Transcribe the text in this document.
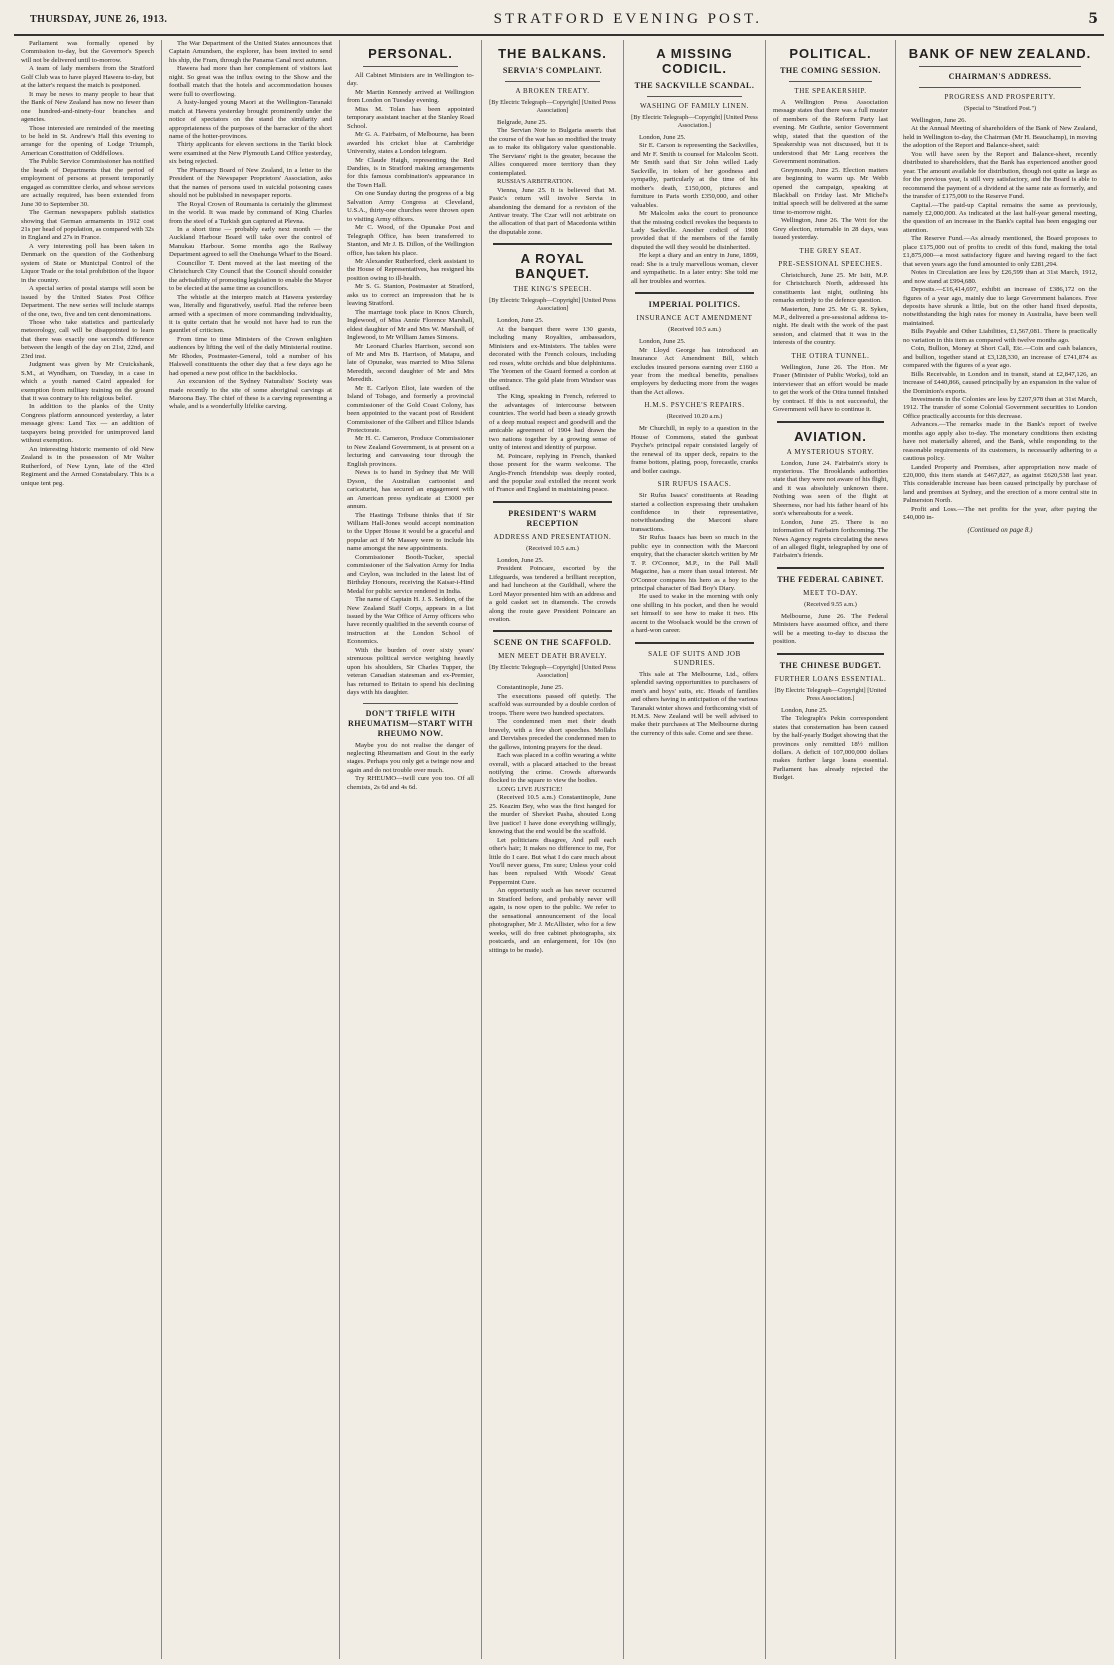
THURSDAY, JUNE 26, 1913.	STRATFORD EVENING POST.	5

Parliament was formally opened by Commission to-day, but the Governor's Speech will not be delivered until to-morrow.

A team of lady members from the Stratford Golf Club was to have played Hawera to-day, but at the latter's request the match is postponed.

It may be news to many people to hear that the Bank of New Zealand has now no fewer than one hundred-and-ninety-four branches and agencies.

Those interested are reminded of the meeting to be held in St. Andrew's Hall this evening to arrange for the opening of Lodge Triumph, American Constitution of Oddfellows.

The Public Service Commissioner has notified the heads of Departments that the period of employment of persons at present temporarily engaged as committee clerks, and whose services are actually required, has been extended from June 30 to September 30.

The German newspapers publish statistics showing that German armaments in 1912 cost 21s per head of population, as compared with 32s in England and 27s in France.

A very interesting poll has been taken in Denmark on the question of the Gothenburg system of State or Municipal Control of the Liquor Trade or the total prohibition of the liquor in the country.

A special series of postal stamps will soon be issued by the United States Post Office Department. The new series will include stamps of the one, two, five and ten cent denominations.

Those who take statistics and particularly meteorology, call will be disappointed to learn that there was exactly one second's difference between the length of the day on 21st, 22nd, and 23rd inst.

Judgment was given by Mr Cruickshank, S.M., at Wyndham, on Tuesday, in a case in which a youth named Caird appealed for exemption from military training on the ground that it was contrary to his religious belief.

In addition to the planks of the Unity Congress platform announced yesterday, a later message gives: Land Tax — an addition of taxpayers being provided for unimproved land without exemption.

An interesting historic memento of old New Zealand is in the possession of Mr Walter Rutherford, of New Lynn, late of the 43rd Regiment and the Armed Constabulary. This is a unique tent peg.

The War Department of the United States announces that Captain Amundsen, the explorer, has been invited to send his ship, the Fram, through the Panama Canal next autumn.

Hawera had more than her complement of visitors last night. So great was the influx owing to the Show and the football match that the hotels and accommodation houses were full to overflowing.

A lusty-lunged young Maori at the Wellington-Taranaki match at Hawera yesterday brought prominently under the notice of spectators on the stand the similarity and appropriateness of the purposes of the barracker of the short name of the hotter-provinces.

Thirty applicants for eleven sections in the Tariki block were examined at the New Plymouth Land Office yesterday, six being rejected.

The Pharmacy Board of New Zealand, in a letter to the President of the Newspaper Proprietors' Association, asks that the names of persons used in suicidal poisoning cases should not be published in newspaper reports.

The Royal Crown of Roumania is certainly the glimmest in the world. It was made by command of King Charles from the steel of a Turkish gun captured at Plevna.

In a short time — probably early next month — the Auckland Harbour Board will take over the control of Manukau Harbour. Some months ago the Railway Department agreed to sell the Onehunga Wharf to the Board.

Councillor T. Dent moved at the last meeting of the Christchurch City Council that the Council should consider the advisability of promoting legislation to enable the Mayor to be elected at the same time as councillors.

The whistle at the interpro match at Hawera yesterday was, literally and figuratively, useful. Had the referee been armed with a specimen of more commanding individuality, it is quite certain that he would not have had to run the gauntlet of criticism.

From time to time Ministers of the Crown enlighten audiences by lifting the veil of the daily Ministerial routine. Mr Rhodes, Postmaster-General, told a number of his Halswell constituents the other day that a few days ago he had opened a new post office in the backblocks.

An excursion of the Sydney Naturalists' Society was made recently to the site of some aboriginal carvings at Maroona Bay. The chief of these is a carving representing a whale, and is a wonderfully lifelike carving.

PERSONAL.

All Cabinet Ministers are in Wellington to-day.

Mr Martin Kennedy arrived at Wellington from London on Tuesday evening.

Miss M. Tolan has been appointed temporary assistant teacher at the Stanley Road School.

Mr G. A. Fairbairn, of Melbourne, has been awarded his cricket blue at Cambridge University, states a London telegram.

Mr Claude Haigh, representing the Red Dandies, is in Stratford making arrangements for this famous combination's appearance in the Town Hall.

On one Sunday during the progress of a big Salvation Army Congress at Cleveland, U.S.A., thirty-one churches were thrown open to visiting Army officers.

Mr C. Wood, of the Opunake Post and Telegraph Office, has been transferred to Stanton, and Mr J. B. Dillon, of the Wellington office, has taken his place.

Mr Alexander Rutherford, clerk assistant to the House of Representatives, has resigned his position owing to ill-health.

Mr S. G. Stanton, Postmaster at Stratford, asks us to correct an impression that he is leaving Stratford.

The marriage took place in Knox Church, Inglewood, of Miss Annie Florence Marshall, eldest daughter of Mr and Mrs W. Marshall, of Inglewood, to Mr William James Simons.

Mr Leonard Charles Harrison, second son of Mr and Mrs B. Harrison, of Matapu, and late of Opunake, was married to Miss Silena Meredith, second daughter of Mr and Mrs Meredith.

Mr E. Carlyon Eliot, late warden of the Island of Tobago, and formerly a provincial commissioner of the Gold Coast Colony, has been appointed to the vacant post of Resident Commissioner of the Gilbert and Ellice Islands Protectorate.

Mr H. C. Cameron, Produce Commissioner to New Zealand Government, is at present on a lecturing and canvassing tour through the English provinces.

News is to hand in Sydney that Mr Will Dyson, the Australian cartoonist and caricaturist, has secured an engagement with an American press syndicate at £3000 per annum.

The Hastings Tribune thinks that if Sir William Hall-Jones would accept nomination to the Upper House it would be a graceful and popular act if Mr Massey were to include his name amongst the new appointments.

Commissioner Booth-Tucker, special commissioner of the Salvation Army for India and Ceylon, was included in the latest list of Birthday Honours, receiving the Kaisar-i-Hind Medal for public service rendered in India.

The name of Captain H. J. S. Seddon, of the New Zealand Staff Corps, appears in a list issued by the War Office of Army officers who have recently qualified in the seventh course of instruction at the London School of Economics.

With the burden of over sixty years' strenuous political service weighing heavily upon his shoulders, Sir Charles Tupper, the veteran Canadian statesman and ex-Premier, has returned to Britain to spend his declining days with his daughter.

DON'T TRIFLE WITH RHEUMATISM—START WITH RHEUMO NOW.

Maybe you do not realise the danger of neglecting Rheumatism and Gout in the early stages. Perhaps you only get a twinge now and again and do not trouble over much.

Try RHEUMO—twill cure you too. Of all chemists, 2s 6d and 4s 6d.

THE BALKANS.
SERVIA'S COMPLAINT.
A BROKEN TREATY.
[By Electric Telegraph—Copyright] [United Press Association]

Belgrade, June 25.

The Servian Note to Bulgaria asserts that the course of the war has so modified the treaty as to make its obligatory value questionable. The Servians' right is the greater, because the Allies conquered more territory than they contemplated.

RUSSIA'S ARBITRATION.

Vienna, June 25. It is believed that M. Pasic's return will involve Servia in abandoning the demand for a revision of the Antivar treaty. The Czar will not arbitrate on the allocation of that part of Macedonia within the disputable zone.

A ROYAL BANQUET.
THE KING'S SPEECH.
[By Electric Telegraph—Copyright] [United Press Association]

London, June 25.

At the banquet there were 130 guests, including many Royalties, ambassadors, Ministers and ex-Ministers. The tables were decorated with the French colours, including red roses, white orchids and blue delphiniums. The Yeomen of the Guard formed a cordon at the entrance. The gold plate from Windsor was utilised.

The King, speaking in French, referred to the advantages of intercourse between countries. The world had been a steady growth of a deep mutual respect and goodwill and the amicable agreement of 1904 had drawn the two nations together by a growing sense of unity of interest and identity of purpose.

M. Poincare, replying in French, thanked those present for the warm welcome. The Anglo-French friendship was deeply rooted, and the popular zeal extolled the recent work of France and England in maintaining peace.

PRESIDENT'S WARM RECEPTION
ADDRESS AND PRESENTATION.
(Received 10.5 a.m.)

London, June 25.

President Poincare, escorted by the Lifeguards, was tendered a brilliant reception, and had luncheon at the Guildhall, where the Lord Mayor presented him with an address and a gold casket set in diamonds. The crowds along the route gave President Poincare an ovation.

SCENE ON THE SCAFFOLD.
MEN MEET DEATH BRAVELY.
[By Electric Telegraph—Copyright] [United Press Association]

Constantinople, June 25.

The executions passed off quietly. The scaffold was surrounded by a double cordon of troops. There were two hundred spectators.

The condemned men met their death bravely, with a few short speeches. Mollahs and Dervishes preceded the condemned men to the gallows, intoning prayers for the dead.

Each was placed in a coffin wearing a white overall, with a placard attached to the breast notifying the crime. Crowds afterwards flocked to the square to view the bodies.

LONG LIVE JUSTICE!

(Received 10.5 a.m.) Constantinople, June 25. Keazim Bey, who was the first hanged for the murder of Shevket Pasha, shouted Long live justice! I have done everything willingly, knowing that the end would be the scaffold.

Let politicians disagree, And pull each other's hair; It makes no difference to me, For little do I care. But what I do care much about You'll never guess, I'm sure; Unless your cold has been repulsed With Woods' Great Peppermint Cure.

An opportunity such as has never occurred in Stratford before, and probably never will again, is now open to the public. We refer to the sensational announcement of the local photographer, Mr J. McAllister, who for a few weeks, will do free cabinet photographs, six postcards, and an enlargement, for 10s (no sittings to be made).

A MISSING CODICIL.
THE SACKVILLE SCANDAL.
WASHING OF FAMILY LINEN.
[By Electric Telegraph—Copyright] [United Press Association.]

London, June 25.

Sir E. Carson is representing the Sackvilles, and Mr F. Smith is counsel for Malcolm Scott. Mr Smith said that Sir John willed Lady Sackville, in token of her goodness and sympathy, particularly at the time of his mother's death, £150,000, pictures and furniture in Paris worth £350,000, and other valuables.

Mr Malcolm asks the court to pronounce that the missing codicil revokes the bequests to Lady Sackville. Another codicil of 1908 provided that if the members of the family disputed the will they would be disinherited.

He kept a diary and an entry in June, 1899, read: She is a truly marvellous woman, clever and sympathetic. In a later entry: She told me all her troubles and worries.

IMPERIAL POLITICS.
INSURANCE ACT AMENDMENT
(Received 10.5 a.m.)

London, June 25.

Mr Lloyd George has introduced an Insurance Act Amendment Bill, which excludes insured persons earning over £160 a year from the medical benefits, penalises employers by deducting more from the wages than the Act allows.

H.M.S. PSYCHE'S REPAIRS.
(Received 10.20 a.m.)

Mr Churchill, in reply to a question in the House of Commons, stated the gunboat Psyche's principal repair consisted largely of the renewal of its upper deck, repairs to the frame bottom, plating, poop, forecastle, cranks and boiler casings.

SIR RUFUS ISAACS.

Sir Rufus Isaacs' constituents at Reading started a collection expressing their unshaken confidence in their representative, notwithstanding the Marconi share transactions.

Sir Rufus Isaacs has been so much in the public eye in connection with the Marconi enquiry, that the character sketch written by Mr T. P. O'Connor, M.P., in the Pall Mall Magazine, has a more than usual interest. Mr O'Connor compares his hero as a boy to the principal character of Bad Boy's Diary.

He used to wake in the morning with only one shilling in his pocket, and then he would set himself to see how to make it two. His ascent to the Woolsack would be the crown of a hard-won career.

SALE OF SUITS AND JOB SUNDRIES.

This sale at The Melbourne, Ltd., offers splendid saving opportunities to purchasers of men's and boys' suits, etc. Heads of families and others having in anticipation of the various Taranaki winter shows and forthcoming visit of H.M.S. New Zealand will be well advised to make their purchases at The Melbourne during the currency of this sale. Come and see these.

POLITICAL.
THE COMING SESSION.
THE SPEAKERSHIP.

A Wellington Press Association message states that there was a full muster of members of the Reform Party last evening. Mr Guthrie, senior Government whip, stated that the question of the Speakership was not discussed, but it is understood that Mr Lang receives the Government nomination.

Greymouth, June 25. Election matters are beginning to warm up. Mr Webb opened the campaign, speaking at Blackball on Friday last. Mr Michel's initial speech will be delivered at the same time to-morrow night.

Wellington, June 26. The Writ for the Grey election, returnable in 28 days, was issued yesterday.

THE GREY SEAT.
PRE-SESSIONAL SPEECHES.

Christchurch, June 25. Mr Isitt, M.P. for Christchurch North, addressed his constituents last night, outlining his remarks entirely to the defence question.

Masterton, June 25. Mr G. R. Sykes, M.P., delivered a pre-sessional address to-night. He dealt with the work of the past session, and claimed that it was in the interests of the country.

THE OTIRA TUNNEL.

Wellington, June 26. The Hon. Mr Fraser (Minister of Public Works), told an interviewer that an effort would be made to get the work of the Otira tunnel finished by contract. If this is not successful, the Government will have to continue it.

AVIATION.
A MYSTERIOUS STORY.

London, June 24. Fairbairn's story is mysterious. The Brooklands authorities state that they were not aware of his flight, and it was absolutely unknown there. Nothing was seen of the flight at Sheerness, nor had his father heard of his son's whereabouts for a week.

London, June 25. There is no information of Fairbairn forthcoming. The News Agency regrets circulating the news of an alleged flight, telegraphed by one of Fairbairn's friends.

THE FEDERAL CABINET.
MEET TO-DAY.
(Received 9.55 a.m.)

Melbourne, June 26. The Federal Ministers have assumed office, and there will be a meeting to-day to discuss the position.

THE CHINESE BUDGET.
FURTHER LOANS ESSENTIAL.
[By Electric Telegraph—Copyright] [United Press Association.]

London, June 25.

The Telegraph's Pekin correspondent states that consternation has been caused by the half-yearly Budget showing that the provinces only remitted 18½ million dollars. A deficit of 107,000,000 dollars makes further large loans essential. Parliament has already rejected the Budget.

BANK OF NEW ZEALAND.
CHAIRMAN'S ADDRESS.
PROGRESS AND PROSPERITY.
(Special to "Stratford Post.")

Wellington, June 26.

At the Annual Meeting of shareholders of the Bank of New Zealand, held in Wellington to-day, the Chairman (Mr H. Beauchamp), in moving the adoption of the Report and Balance-sheet, said:

You will have seen by the Report and Balance-sheet, recently distributed to shareholders, that the Bank has experienced another good year. The amount available for distribution, though not quite as large as for the previous year, is still very satisfactory, and the Board is able to recommend the payment of a dividend at the same rate as formerly, and the transfer of £175,000 to the Reserve Fund.

Capital.—The paid-up Capital remains the same as previously, namely £2,000,000. As indicated at the last half-year general meeting, the question of an increase in the Bank's capital has been engaging our attention.

The Reserve Fund.—As already mentioned, the Board proposes to place £175,000 out of profits to credit of this fund, making the total £1,875,000—a most satisfactory figure and having regard to the fact that seven years ago the fund amounted to only £281,294.

Notes in Circulation are less by £26,599 than at 31st March, 1912, and now stand at £994,680.

Deposits.—£16,414,697, exhibit an increase of £386,172 on the figures of a year ago, mainly due to large Government balances. Free deposits have shrunk a little, but on the other hand fixed deposits, notwithstanding the high rates for money in Australia, have been well maintained.

Bills Payable and Other Liabilities, £1,567,081. There is practically no variation in this item as compared with twelve months ago.

Coin, Bullion, Money at Short Call, Etc.—Coin and cash balances, and bullion, together stand at £3,128,330, an increase of £741,874 as compared with the figures of a year ago.

Bills Receivable, in London and in transit, stand at £2,847,126, an increase of £440,866, caused principally by an expansion in the value of the Dominion's exports.

Investments in the Colonies are less by £207,978 than at 31st March, 1912. The transfer of some Colonial Government securities to London Office practically accounts for this decrease.

Advances.—The remarks made in the Bank's report of twelve months ago apply also to-day. The monetary conditions then existing have not materially altered, and the Bank, while responding to the reasonable requirements of its customers, is necessarily adhering to a cautious policy.

Landed Property and Premises, after appropriation now made of £20,000, this item stands at £467,827, as against £620,538 last year. This considerable increase has been caused principally by purchase of land and premises at Sydney, and the erection of a more central site in Palmerston North.

Profit and Loss.—The net profits for the year, after paying the £40,000 in-

(Continued on page 8.)
